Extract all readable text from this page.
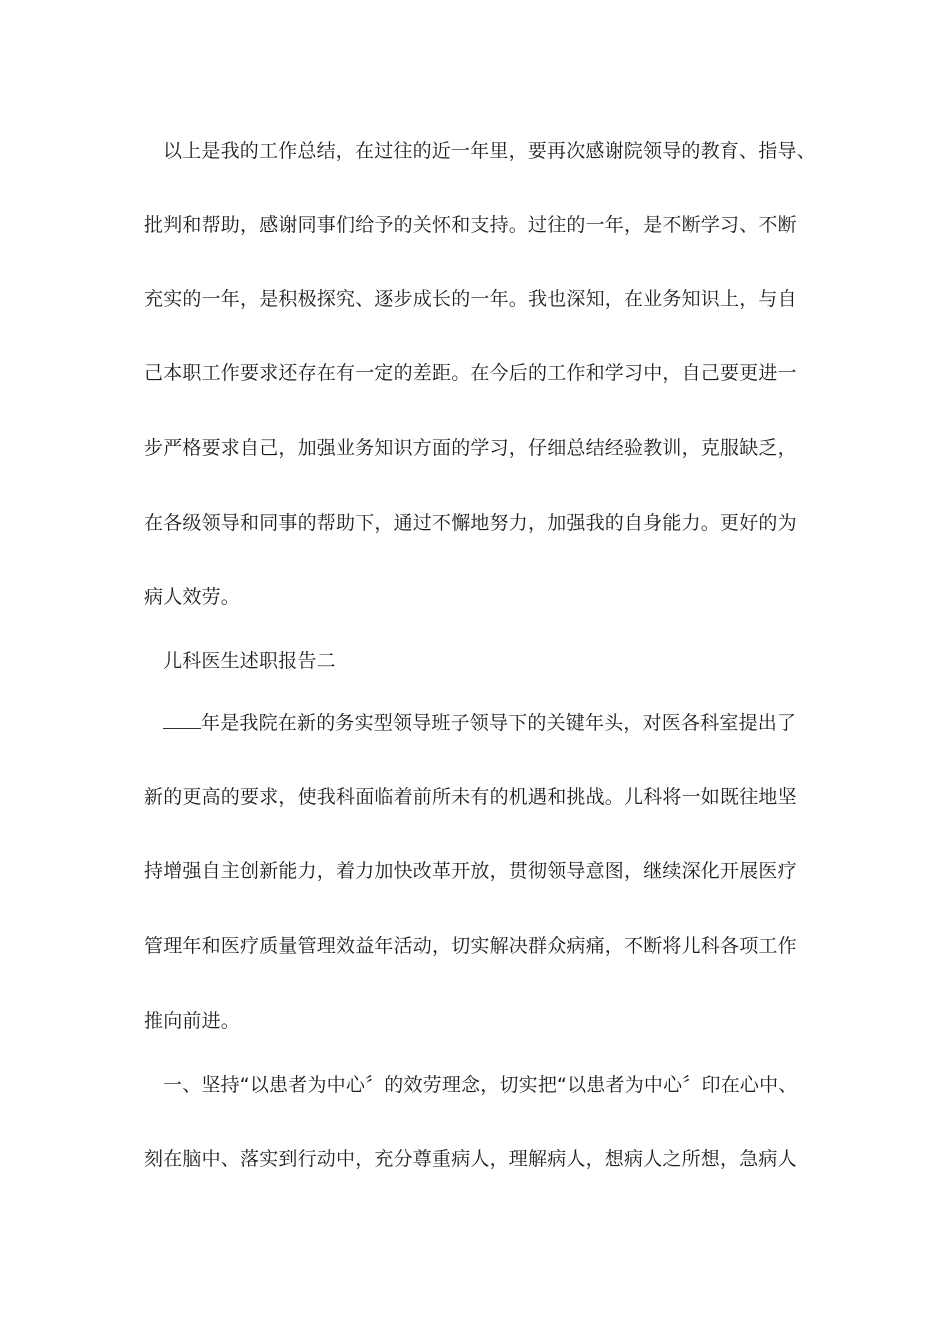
以上是我的工作总结，在过往的近一年里，要再次感谢院领导的教育、指导、
批判和帮助，感谢同事们给予的关怀和支持。过往的一年，是不断学习、不断
充实的一年，是积极探究、逐步成长的一年。我也深知，在业务知识上，与自
己本职工作要求还存在有一定的差距。在今后的工作和学习中，自己要更进一
步严格要求自己，加强业务知识方面的学习，仔细总结经验教训，克服缺乏，
在各级领导和同事的帮助下，通过不懈地努力，加强我的自身能力。更好的为
病人效劳。
儿科医生述职报告二
年是我院在新的务实型领导班子领导下的关键年头，对医各科室提出了
新的更高的要求，使我科面临着前所未有的机遇和挑战。儿科将一如既往地坚
持增强自主创新能力，着力加快改革开放，贯彻领导意图，继续深化开展医疗
管理年和医疗质量管理效益年活动，切实解决群众病痛，不断将儿科各项工作
推向前进。
一、坚持“以患者为中心〞的效劳理念，切实把“以患者为中心〞印在心中、
刻在脑中、落实到行动中，充分尊重病人，理解病人，想病人之所想，急病人
